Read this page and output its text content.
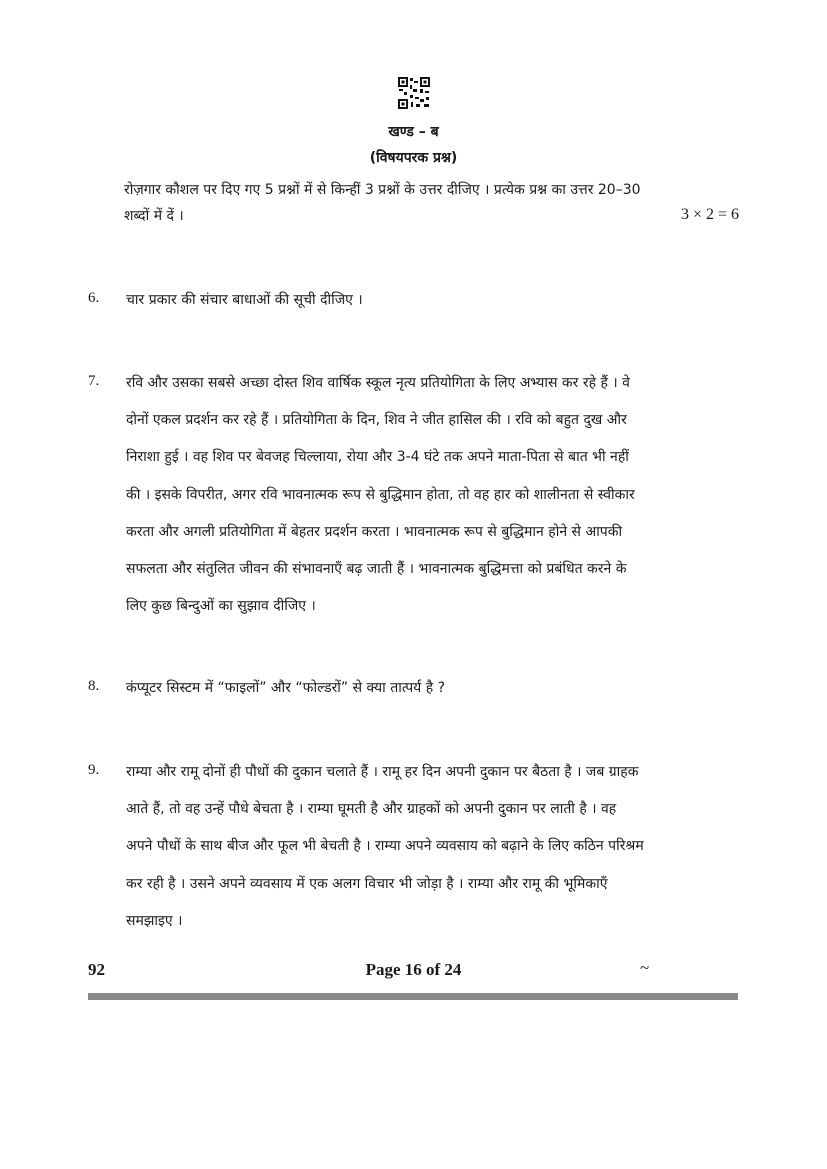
खण्ड – ब
(विषयपरक प्रश्न)
रोज़गार कौशल पर दिए गए 5 प्रश्नों में से किन्हीं 3 प्रश्नों के उत्तर दीजिए । प्रत्येक प्रश्न का उत्तर 20–30
शब्दों में दें ।	3 × 2 = 6
6. चार प्रकार की संचार बाधाओं की सूची दीजिए ।
7. रवि और उसका सबसे अच्छा दोस्त शिव वार्षिक स्कूल नृत्य प्रतियोगिता के लिए अभ्यास कर रहे हैं । वे
दोनों एकल प्रदर्शन कर रहे हैं । प्रतियोगिता के दिन, शिव ने जीत हासिल की । रवि को बहुत दुख और
निराशा हुई । वह शिव पर बेवजह चिल्लाया, रोया और 3-4 घंटे तक अपने माता-पिता से बात भी नहीं
की । इसके विपरीत, अगर रवि भावनात्मक रूप से बुद्धिमान होता, तो वह हार को शालीनता से स्वीकार
करता और अगली प्रतियोगिता में बेहतर प्रदर्शन करता । भावनात्मक रूप से बुद्धिमान होने से आपकी
सफलता और संतुलित जीवन की संभावनाएँ बढ़ जाती हैं । भावनात्मक बुद्धिमत्ता को प्रबंधित करने के
लिए कुछ बिन्दुओं का सुझाव दीजिए ।
8. कंप्यूटर सिस्टम में “फाइलों” और “फोल्डरों” से क्या तात्पर्य है ?
9. राम्या और रामू दोनों ही पौधों की दुकान चलाते हैं । रामू हर दिन अपनी दुकान पर बैठता है । जब ग्राहक
आते हैं, तो वह उन्हें पौधे बेचता है । राम्या घूमती है और ग्राहकों को अपनी दुकान पर लाती है । वह
अपने पौधों के साथ बीज और फूल भी बेचती है । राम्या अपने व्यवसाय को बढ़ाने के लिए कठिन परिश्रम
कर रही है । उसने अपने व्यवसाय में एक अलग विचार भी जोड़ा है । राम्या और रामू की भूमिकाएँ
समझाइए ।
92	Page 16 of 24	~
